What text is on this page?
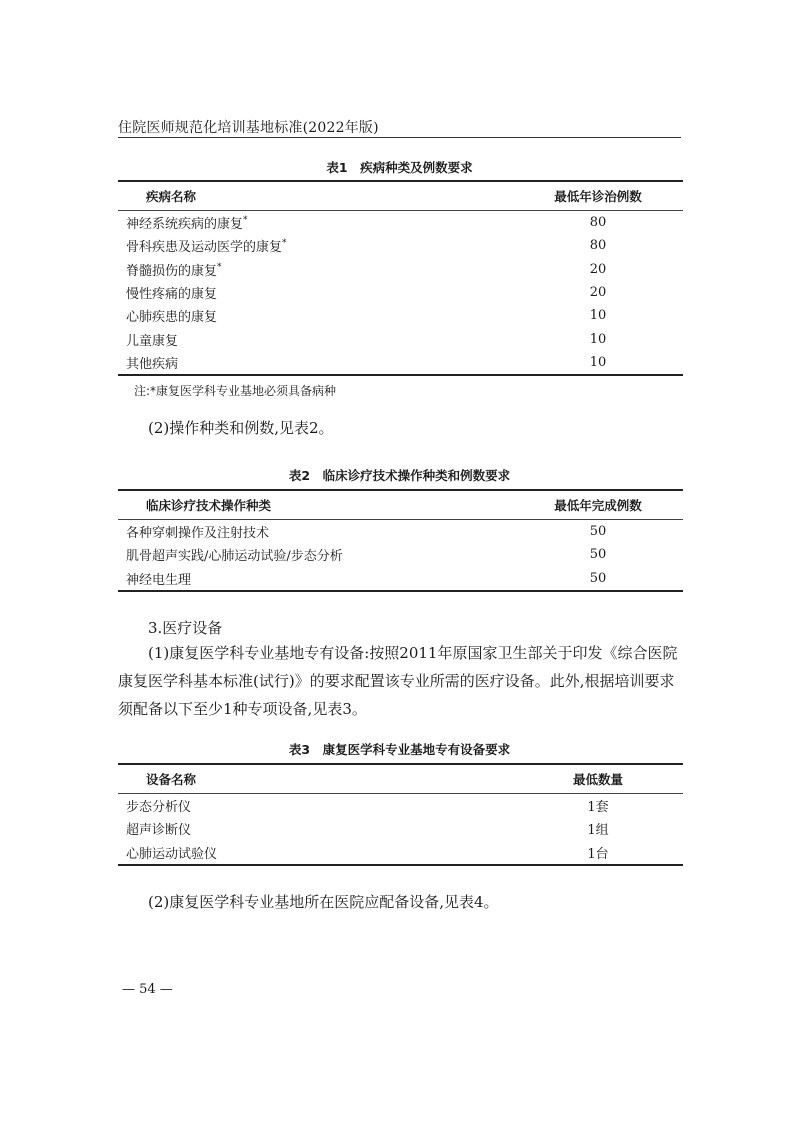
住院医师规范化培训基地标准(2022年版)
表1　疾病种类及例数要求
疾病名称	最低年诊治例数
神经系统疾病的康复*	80
骨科疾患及运动医学的康复*	80
脊髓损伤的康复*	20
慢性疼痛的康复	20
心肺疾患的康复	10
儿童康复	10
其他疾病	10
注:*康复医学科专业基地必须具备病种
(2)操作种类和例数,见表2。
表2　临床诊疗技术操作种类和例数要求
临床诊疗技术操作种类	最低年完成例数
各种穿刺操作及注射技术	50
肌骨超声实践/心肺运动试验/步态分析	50
神经电生理	50
3.医疗设备
(1)康复医学科专业基地专有设备:按照2011年原国家卫生部关于印发《综合医院康复医学科基本标准(试行)》的要求配置该专业所需的医疗设备。此外,根据培训要求须配备以下至少1种专项设备,见表3。
表3　康复医学科专业基地专有设备要求
设备名称	最低数量
步态分析仪	1套
超声诊断仪	1组
心肺运动试验仪	1台
(2)康复医学科专业基地所在医院应配备设备,见表4。
— 54 —
